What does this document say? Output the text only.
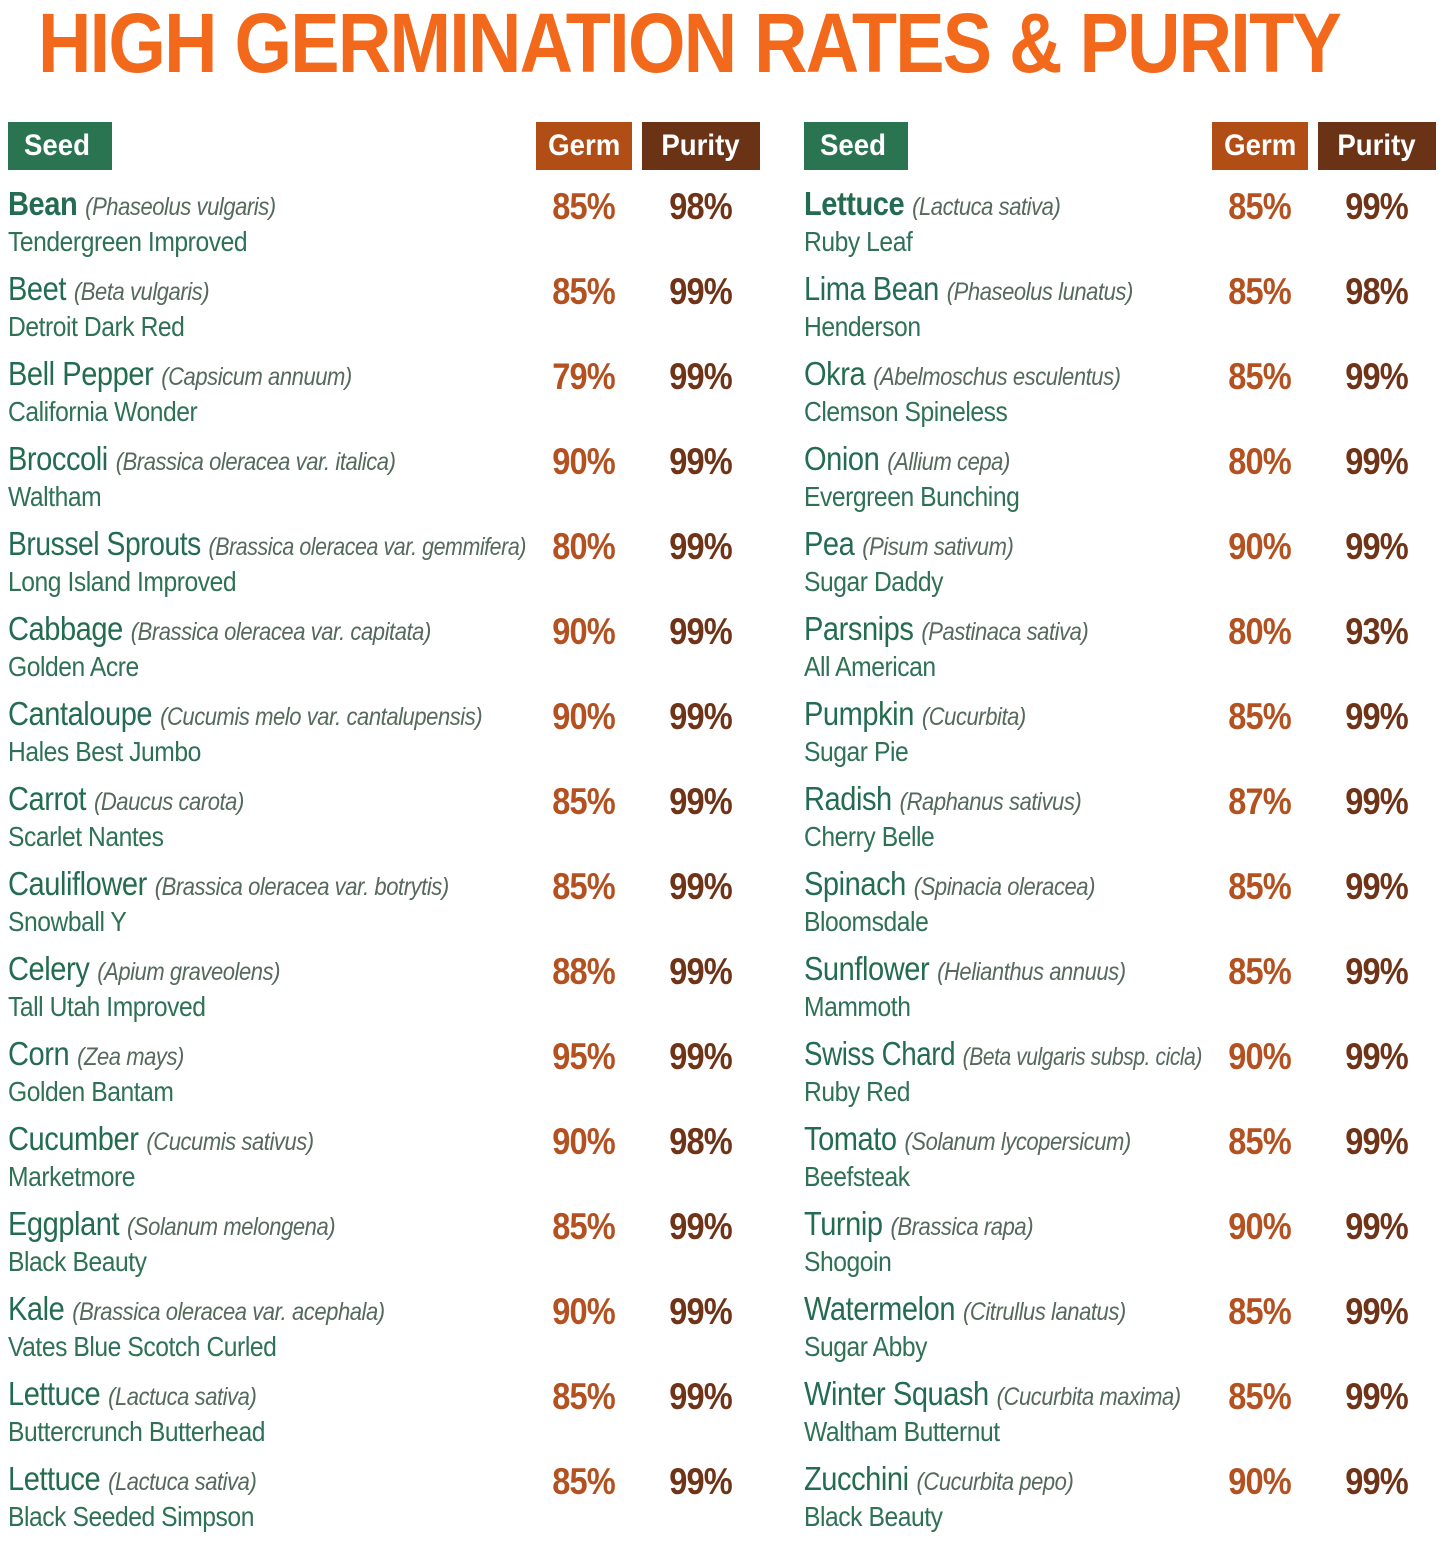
HIGH GERMINATION RATES & PURITY
Seed	Germ	Purity
Bean (Phaseolus vulgaris)
Tendergreen Improved
85%	98%
Beet (Beta vulgaris)
Detroit Dark Red
85%	99%
Bell Pepper (Capsicum annuum)
California Wonder
79%	99%
Broccoli (Brassica oleracea var. italica)
Waltham
90%	99%
Brussel Sprouts (Brassica oleracea var. gemmifera)
Long Island Improved
80%	99%
Cabbage (Brassica oleracea var. capitata)
Golden Acre
90%	99%
Cantaloupe (Cucumis melo var. cantalupensis)
Hales Best Jumbo
90%	99%
Carrot (Daucus carota)
Scarlet Nantes
85%	99%
Cauliflower (Brassica oleracea var. botrytis)
Snowball Y
85%	99%
Celery (Apium graveolens)
Tall Utah Improved
88%	99%
Corn (Zea mays)
Golden Bantam
95%	99%
Cucumber (Cucumis sativus)
Marketmore
90%	98%
Eggplant (Solanum melongena)
Black Beauty
85%	99%
Kale (Brassica oleracea var. acephala)
Vates Blue Scotch Curled
90%	99%
Lettuce (Lactuca sativa)
Buttercrunch Butterhead
85%	99%
Lettuce (Lactuca sativa)
Black Seeded Simpson
85%	99%
Seed	Germ	Purity
Lettuce (Lactuca sativa)
Ruby Leaf
85%	99%
Lima Bean (Phaseolus lunatus)
Henderson
85%	98%
Okra (Abelmoschus esculentus)
Clemson Spineless
85%	99%
Onion (Allium cepa)
Evergreen Bunching
80%	99%
Pea (Pisum sativum)
Sugar Daddy
90%	99%
Parsnips (Pastinaca sativa)
All American
80%	93%
Pumpkin (Cucurbita)
Sugar Pie
85%	99%
Radish (Raphanus sativus)
Cherry Belle
87%	99%
Spinach (Spinacia oleracea)
Bloomsdale
85%	99%
Sunflower (Helianthus annuus)
Mammoth
85%	99%
Swiss Chard (Beta vulgaris subsp. cicla)
Ruby Red
90%	99%
Tomato (Solanum lycopersicum)
Beefsteak
85%	99%
Turnip (Brassica rapa)
Shogoin
90%	99%
Watermelon (Citrullus lanatus)
Sugar Abby
85%	99%
Winter Squash (Cucurbita maxima)
Waltham Butternut
85%	99%
Zucchini (Cucurbita pepo)
Black Beauty
90%	99%
